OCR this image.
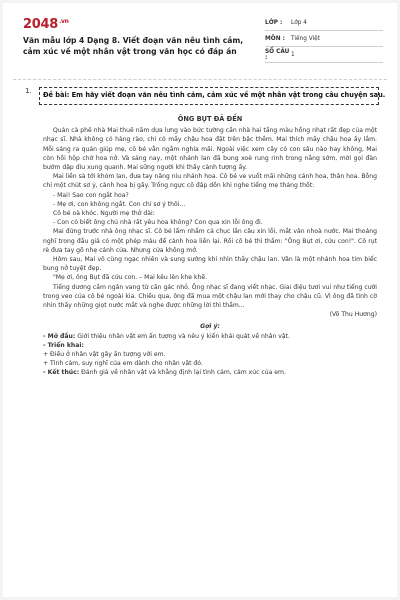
$2048^{.vn}$
Văn mẫu lớp 4 Dạng 8. Viết đoạn văn nêu tình cảm, cảm xúc về một nhân vật trong văn học có đáp án
LỚP :	Lớp 4
MÔN :	Tiếng Việt
SỐ CÂU :	1
1.	Đề bài: Em hãy viết đoạn văn nêu tình cảm, cảm xúc về một nhân vật trong câu chuyện sau.
ÔNG BỤT ĐÃ ĐẾN

Quán cà phê nhà Mai thuê năm dựa lưng vào bức tường cần nhà hai tầng màu hồng nhạt rất đẹp của một nhạc sĩ. Nhà không có hàng rào, chỉ có mấy chậu hoa đặt trên bậc thềm. Mai thích mấy chậu hoa ấy lắm. Mỗi sáng ra quán giúp mẹ, cô bé vẫn ngắm nghía mãi. Ngoài việc xem cây có con sâu nào hay không, Mai còn hồi hộp chờ hoa nở. Và sáng nay, một nhánh lan đã bung xoè rung rinh trong nắng sớm, mời gọi đàn bướm dập dìu xung quanh. Mai sững người khi thấy cảnh tượng ấy.

Mai liền sà tới khóm lan, đưa tay nâng niu nhánh hoa. Cô bé ve vuốt mãi những cánh hoa, thân hoa. Bỗng chỉ một chút sơ ý, cành hoa bị gãy. Trống ngực cô đập dồn khi nghe tiếng mẹ thảng thốt:

- Mai! Sao con ngắt hoa?

- Mẹ ơi, con không ngắt. Con chỉ sơ ý thôi...

Cô bé oà khóc. Người mẹ thở dài:

- Con có biết ông chủ nhà rất yêu hoa không? Con qua xin lỗi ông đi.

Mai đứng trước nhà ông nhạc sĩ. Cô bé lẩm nhẩm cả chục lần câu xin lỗi, mắt vân nhoà nước. Mai thoáng nghĩ trong đầu giá có một phép màu để cành hoa liền lại. Rồi cô bé thì thầm: "Ông Bụt ơi, cứu con!". Cô rụt rè đưa tay gõ nhẹ cánh cửa. Nhưng cửa không mở.

Hôm sau, Mai vô cùng ngạc nhiên và sung sướng khi nhìn thấy chậu lan. Vân là một nhánh hoa tim biếc bung nở tuyệt đẹp.

"Mẹ ơi, ông Bụt đã cứu con. – Mai kêu lên khe khẽ.

Tiếng dương cầm ngân vang từ căn gác nhỏ. Ông nhạc sĩ đang viết nhạc. Giai điệu tươi vui như tiếng cười trong veo của cô bé ngoài kia. Chiều qua, ông đã mua một chậu lan mới thay cho chậu cũ. Vì ông đã tình cờ nhìn thấy những giọt nước mắt và nghe được những lời thì thầm...

(Võ Thu Hương)

Gợi ý:

- Mở đầu: Giới thiệu nhân vật em ấn tượng và nêu ý kiến khái quát về nhân vật.

- Triển khai:

+ Điều ở nhân vật gây ấn tượng với em.

+ Tình cảm, suy nghĩ của em dành cho nhân vật đó.

- Kết thúc: Đánh giá về nhân vật và khẳng định lại tình cảm, cảm xúc của em.
